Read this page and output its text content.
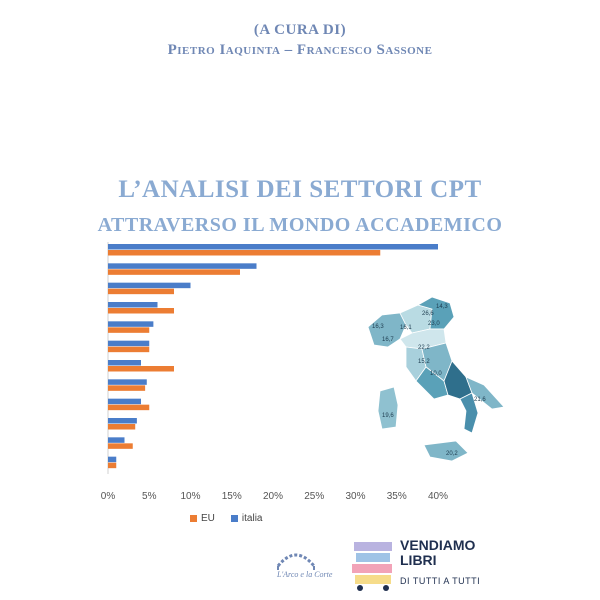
(A CURA DI)
Pietro Iaquinta – Francesco Sassone
L’ANALISI DEI SETTORI CPT
ATTRAVERSO IL MONDO ACCADEMICO
0%	5% 10% 15% 20% 25% 30% 35% 40%
EU	italia
16,3
14,3
26,6
23,0
16,1
16,7
22,2
15,2
10,0
21,6
19,6
20,2
L'Arco e la Corte
VENDIAMO
LIBRI
DI TUTTI A TUTTI
